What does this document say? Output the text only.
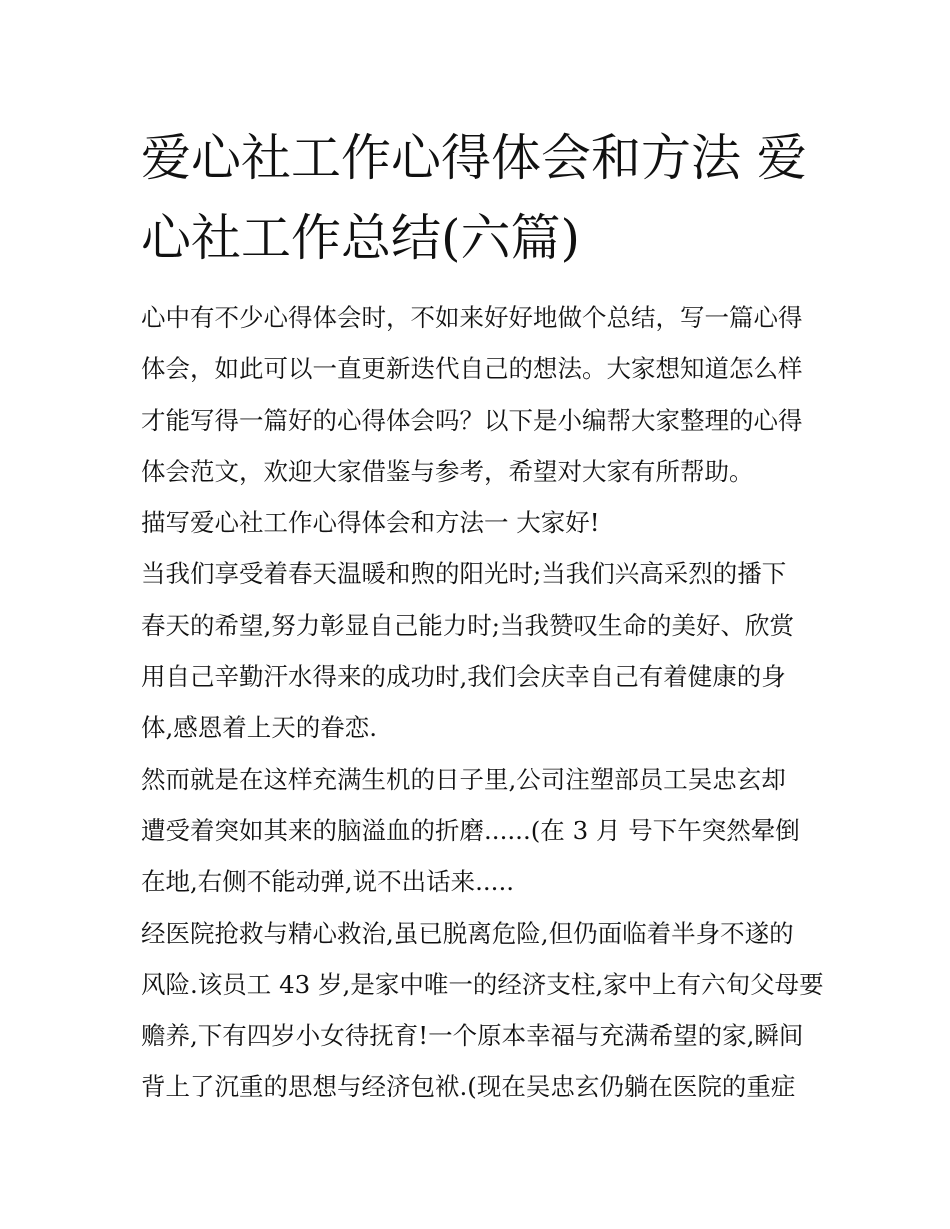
爱心社工作心得体会和方法 爱
心社工作总结(六篇)

心中有不少心得体会时，不如来好好地做个总结，写一篇心得

体会，如此可以一直更新迭代自己的想法。大家想知道怎么样

才能写得一篇好的心得体会吗？以下是小编帮大家整理的心得

体会范文，欢迎大家借鉴与参考，希望对大家有所帮助。

描写爱心社工作心得体会和方法一 大家好!

当我们享受着春天温暖和煦的阳光时;当我们兴高采烈的播下

春天的希望,努力彰显自己能力时;当我赞叹生命的美好、欣赏

用自己辛勤汗水得来的成功时,我们会庆幸自己有着健康的身

体,感恩着上天的眷恋.

然而就是在这样充满生机的日子里,公司注塑部员工吴忠玄却

遭受着突如其来的脑溢血的折磨......(在 3 月 号下午突然晕倒

在地,右侧不能动弹,说不出话来.....

经医院抢救与精心救治,虽已脱离危险,但仍面临着半身不遂的

风险.该员工 43 岁,是家中唯一的经济支柱,家中上有六旬父母要

赡养,下有四岁小女待抚育!一个原本幸福与充满希望的家,瞬间

背上了沉重的思想与经济包袱.(现在吴忠玄仍躺在医院的重症
